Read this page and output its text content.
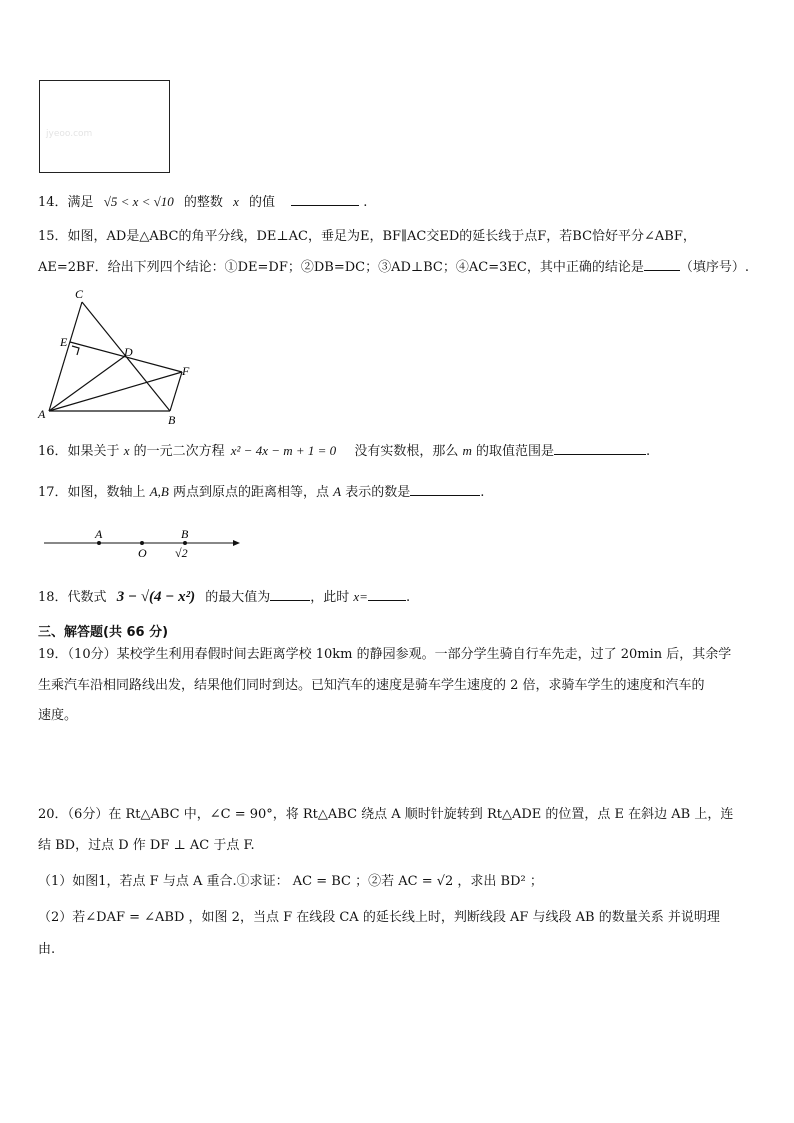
jyeoo.com
14．满足 √5 < x < √10 的整数 x 的值	.
15．如图，AD是△ABC的角平分线，DE⊥AC，垂足为E，BF∥AC交ED的延长线于点F，若BC恰好平分∠ABF，
AE=2BF．给出下列四个结论：①DE=DF；②DB=DC；③AD⊥BC；④AC=3EC，其中正确的结论是	（填序号）.
C
E
D
F
A	B
16．如果关于 x 的一元二次方程 x² − 4x − m + 1 = 0 没有实数根，那么 m 的取值范围是	.
17．如图，数轴上 A,B 两点到原点的距离相等，点 A 表示的数是	.
A
O
B
√2
18．代数式 3 − √(4 − x²) 的最大值为	，此时 x=	.
三、解答题(共 66 分)
19．（10分）某校学生利用春假时间去距离学校 10km 的静园参观。一部分学生骑自行车先走，过了 20min 后，其余学
生乘汽车沿相同路线出发，结果他们同时到达。已知汽车的速度是骑车学生速度的 2 倍，求骑车学生的速度和汽车的
速度。
20．（6分）在 Rt△ABC 中，∠C = 90°，将 Rt△ABC 绕点 A 顺时针旋转到 Rt△ADE 的位置，点 E 在斜边 AB 上，连
结 BD，过点 D 作 DF ⊥ AC 于点 F.
（1）如图1，若点 F 与点 A 重合.①求证： AC = BC ；②若 AC = √2 ，求出 BD² ；
（2）若∠DAF = ∠ABD ，如图 2，当点 F 在线段 CA 的延长线上时，判断线段 AF 与线段 AB 的数量关系 并说明理
由.
